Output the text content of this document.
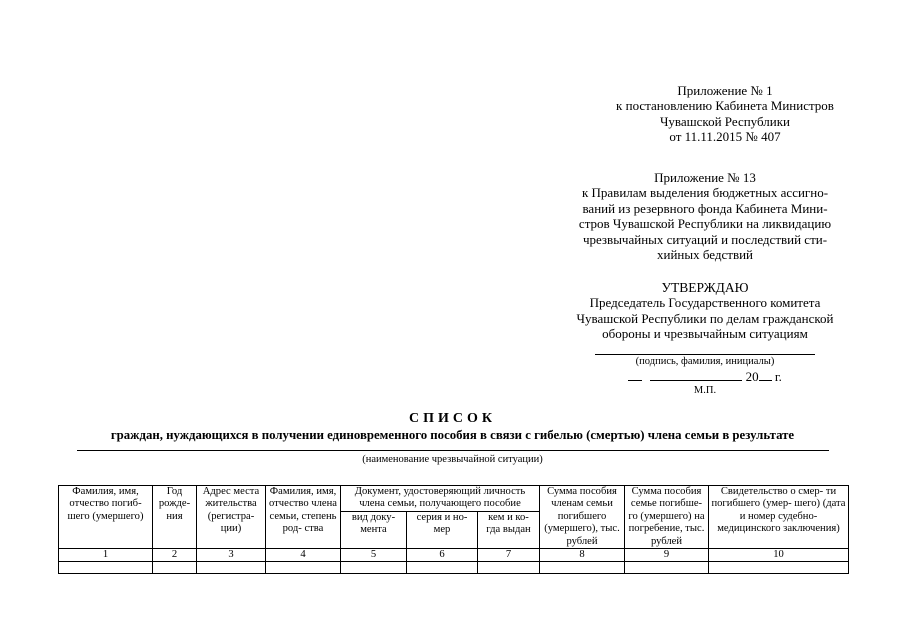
Приложение № 1
к постановлению Кабинета Министров
Чувашской Республики
от 11.11.2015 № 407
Приложение № 13
к Правилам выделения бюджетных ассигно-
ваний из резервного фонда Кабинета Мини-
стров Чувашской Республики на ликвидацию
чрезвычайных ситуаций и последствий сти-
хийных бедствий
УТВЕРЖДАЮ
Председатель Государственного комитета
Чувашской Республики по делам гражданской
обороны и чрезвычайным ситуациям
(подпись, фамилия, инициалы)
20 г.
М.П.
СПИСОК
граждан, нуждающихся в получении единовременного пособия в связи с гибелью (смертью) члена семьи в результате
(наименование чрезвычайной ситуации)
Фамилия, имя, отчество погиб- шего (умершего)	Год рожде- ния	Адрес места жительства (регистра- ции)	Фамилия, имя, отчество члена семьи, степень род- ства	Документ, удостоверяющий личность члена семьи, получающего пособие			Сумма пособия членам семьи погибшего (умершего), тыс. рублей	Сумма пособия семье погибше- го (умершего) на погребение, тыс. рублей	Свидетельство о смер- ти погибшего (умер- шего) (дата и номер судебно-медицинского заключения)
				вид доку- мента	серия и но- мер	кем и ко- гда выдан			
1	2	3	4	5	6	7	8	9	10
